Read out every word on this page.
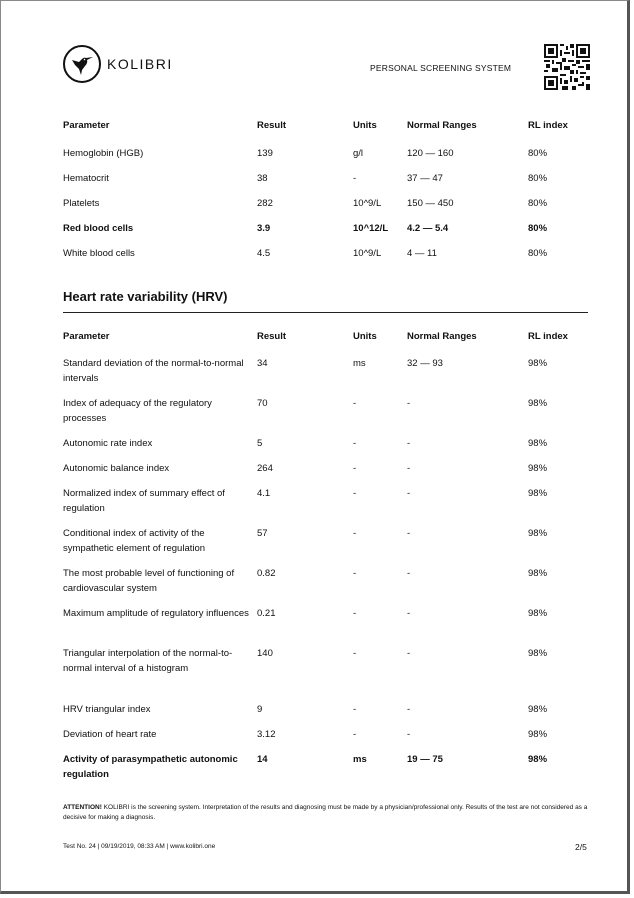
KOLIBRI	PERSONAL SCREENING SYSTEM
Parameter	Result	Units	Normal Ranges	RL index
Hemoglobin (HGB)	139	g/l	120 — 160	80%
Hematocrit	38	-	37 — 47	80%
Platelets	282	10^9/L	150 — 450	80%
Red blood cells	3.9	10^12/L	4.2 — 5.4	80%
White blood cells	4.5	10^9/L	4 — 11	80%
Heart rate variability (HRV)
Parameter	Result	Units	Normal Ranges	RL index
Standard deviation of the normal-to-normal intervals	34	ms	32 — 93	98%
Index of adequacy of the regulatory processes	70	-	-	98%
Autonomic rate index	5	-	-	98%
Autonomic balance index	264	-	-	98%
Normalized index of summary effect of regulation	4.1	-	-	98%
Conditional index of activity of the sympathetic element of regulation	57	-	-	98%
The most probable level of functioning of cardiovascular system	0.82	-	-	98%
Maximum amplitude of regulatory influences	0.21	-	-	98%
Triangular interpolation of the normal-to-normal interval of a histogram	140	-	-	98%
HRV triangular index	9	-	-	98%
Deviation of heart rate	3.12	-	-	98%
Activity of parasympathetic autonomic regulation	14	ms	19 — 75	98%
ATTENTION! KOLIBRI is the screening system. Interpretation of the results and diagnosing must be made by a physician/professional only. Results of the test are not considered as a decisive for making a diagnosis.
Test No. 24 | 09/19/2019, 08:33 AM | www.kolibri.one	2/5
